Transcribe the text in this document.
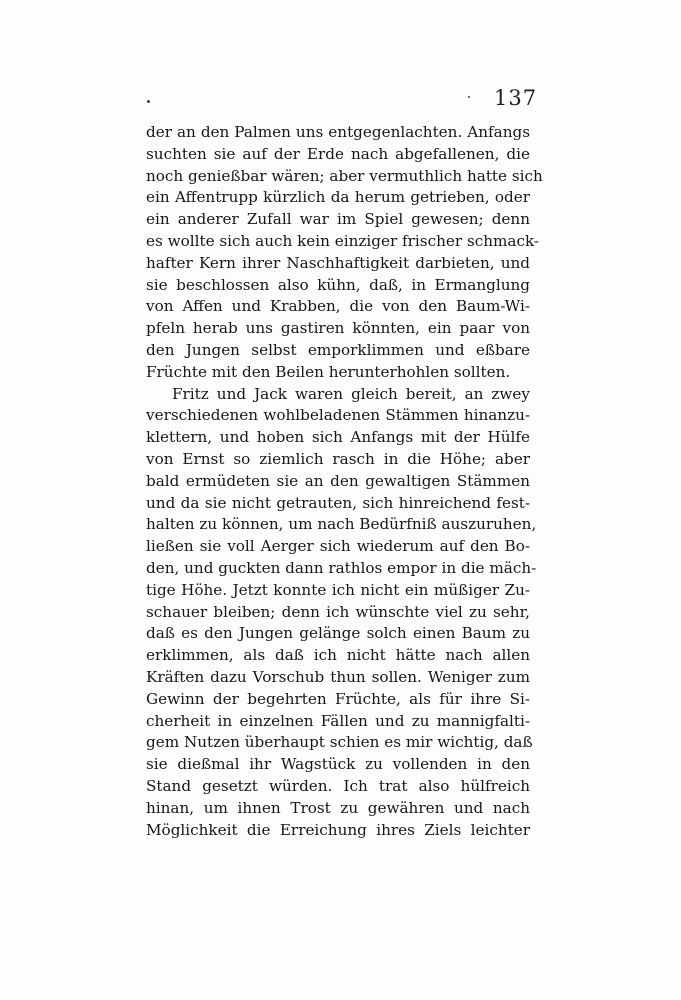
137
der an den Palmen uns entgegenlachten. Anfangs
suchten sie auf der Erde nach abgefallenen, die
noch genießbar wären; aber vermuthlich hatte sich
ein Affentrupp kürzlich da herum getrieben, oder
ein anderer Zufall war im Spiel gewesen; denn
es wollte sich auch kein einziger frischer schmack-
hafter Kern ihrer Naschhaftigkeit darbieten, und
sie beschlossen also kühn, daß, in Ermanglung
von Affen und Krabben, die von den Baum-Wi-
pfeln herab uns gastiren könnten, ein paar von
den Jungen selbst emporklimmen und eßbare
Früchte mit den Beilen herunterhohlen sollten.
Fritz und Jack waren gleich bereit, an zwey
verschiedenen wohlbeladenen Stämmen hinanzu-
klettern, und hoben sich Anfangs mit der Hülfe
von Ernst so ziemlich rasch in die Höhe; aber
bald ermüdeten sie an den gewaltigen Stämmen
und da sie nicht getrauten, sich hinreichend fest-
halten zu können, um nach Bedürfniß auszuruhen,
ließen sie voll Aerger sich wiederum auf den Bo-
den, und guckten dann rathlos empor in die mäch-
tige Höhe. Jetzt konnte ich nicht ein müßiger Zu-
schauer bleiben; denn ich wünschte viel zu sehr,
daß es den Jungen gelänge solch einen Baum zu
erklimmen, als daß ich nicht hätte nach allen
Kräften dazu Vorschub thun sollen. Weniger zum
Gewinn der begehrten Früchte, als für ihre Si-
cherheit in einzelnen Fällen und zu mannigfalti-
gem Nutzen überhaupt schien es mir wichtig, daß
sie dießmal ihr Wagstück zu vollenden in den
Stand gesetzt würden. Ich trat also hülfreich
hinan, um ihnen Trost zu gewähren und nach
Möglichkeit die Erreichung ihres Ziels leichter
